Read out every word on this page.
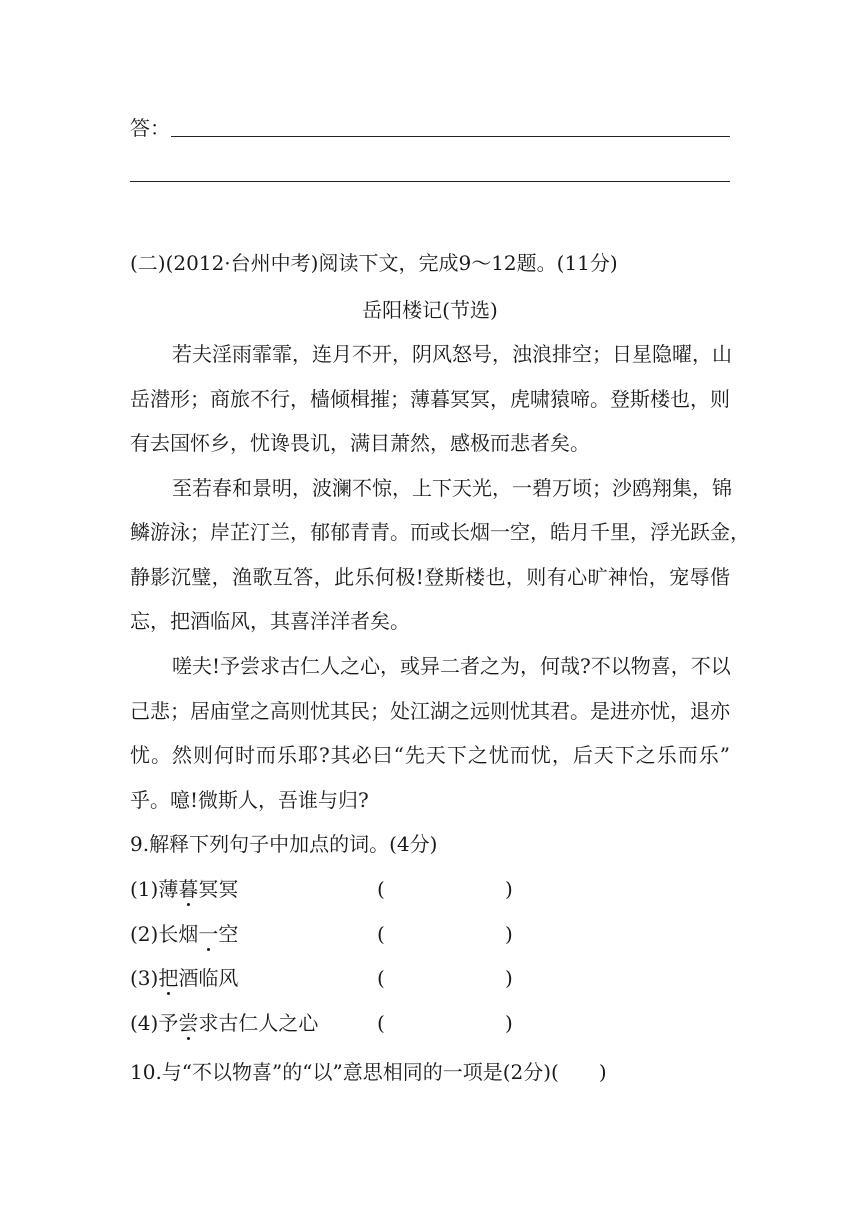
答：
(二)(2012·台州中考)阅读下文，完成9～12题。(11分)
岳阳楼记(节选)
若夫淫雨霏霏，连月不开，阴风怒号，浊浪排空；日星隐曜，山
岳潜形；商旅不行，樯倾楫摧；薄暮冥冥，虎啸猿啼。登斯楼也，则
有去国怀乡，忧谗畏讥，满目萧然，感极而悲者矣。
至若春和景明，波澜不惊，上下天光，一碧万顷；沙鸥翔集，锦
鳞游泳；岸芷汀兰，郁郁青青。而或长烟一空，皓月千里，浮光跃金，
静影沉璧，渔歌互答，此乐何极!登斯楼也，则有心旷神怡，宠辱偕
忘，把酒临风，其喜洋洋者矣。
嗟夫!予尝求古仁人之心，或异二者之为，何哉?不以物喜，不以
己悲；居庙堂之高则忧其民；处江湖之远则忧其君。是进亦忧，退亦
忧。然则何时而乐耶?其必曰“先天下之忧而忧，后天下之乐而乐”
乎。噫!微斯人，吾谁与归?
9.解释下列句子中加点的词。(4分)
(1)薄暮冥冥	(	)
(2)长烟一空	(	)
(3)把酒临风	(	)
(4)予尝求古仁人之心	(	)
10.与“不以物喜”的“以”意思相同的一项是(2分)(　　)
